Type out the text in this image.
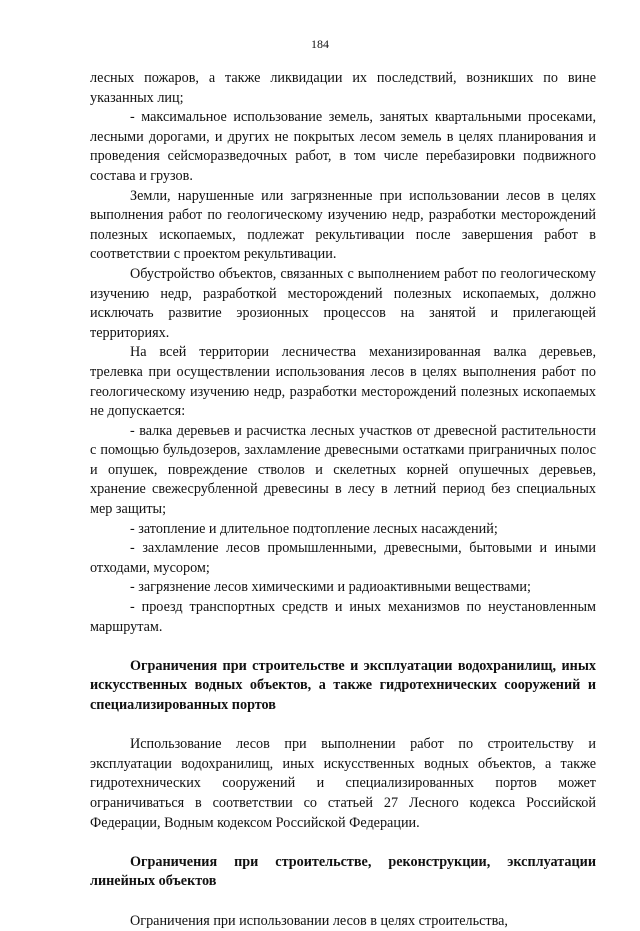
184

лесных пожаров, а также ликвидации их последствий, возникших по вине указанных лиц;

- максимальное использование земель, занятых квартальными просеками, лесными дорогами, и других не покрытых лесом земель в целях планирования и проведения сейсморазведочных работ, в том числе перебазировки подвижного состава и грузов.

Земли, нарушенные или загрязненные при использовании лесов в целях выполнения работ по геологическому изучению недр, разработки месторождений полезных ископаемых, подлежат рекультивации после завершения работ в соответствии с проектом рекультивации.

Обустройство объектов, связанных с выполнением работ по геологическому изучению недр, разработкой месторождений полезных ископаемых, должно исключать развитие эрозионных процессов на занятой и прилегающей территориях.

На всей территории лесничества механизированная валка деревьев, трелевка при осуществлении использования лесов в целях выполнения работ по геологическому изучению недр, разработки месторождений полезных ископаемых не допускается:

- валка деревьев и расчистка лесных участков от древесной растительности с помощью бульдозеров, захламление древесными остатками приграничных полос и опушек, повреждение стволов и скелетных корней опушечных деревьев, хранение свежесрубленной древесины в лесу в летний период без специальных мер защиты;

- затопление и длительное подтопление лесных насаждений;

- захламление лесов промышленными, древесными, бытовыми и иными отходами, мусором;

- загрязнение лесов химическими и радиоактивными веществами;

- проезд транспортных средств и иных механизмов по неустановленным маршрутам.

Ограничения при строительстве и эксплуатации водохранилищ, иных искусственных водных объектов, а также гидротехнических сооружений и специализированных портов

Использование лесов при выполнении работ по строительству и эксплуатации водохранилищ, иных искусственных водных объектов, а также гидротехнических сооружений и специализированных портов может ограничиваться в соответствии со статьей 27 Лесного кодекса Российской Федерации, Водным кодексом Российской Федерации.

Ограничения при строительстве, реконструкции, эксплуатации линейных объектов

Ограничения при использовании лесов в целях строительства,
